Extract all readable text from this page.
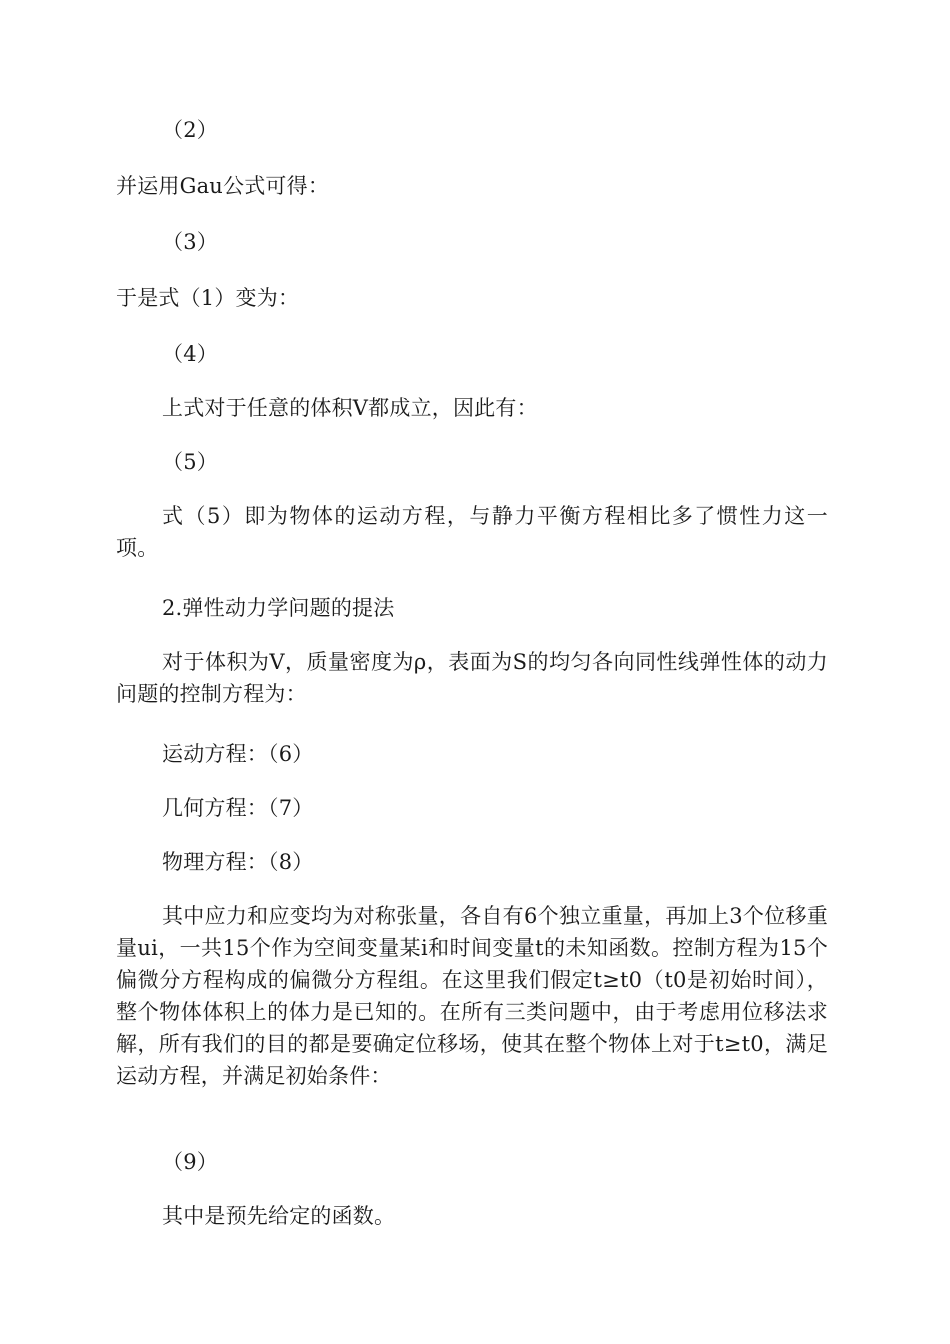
（2）

并运用Gau公式可得：

（3）

于是式（1）变为：

（4）

上式对于任意的体积Ⅴ都成立，因此有：

（5）

式（5）即为物体的运动方程，与静力平衡方程相比多了惯性力这一项。

2.弹性动力学问题的提法

对于体积为Ⅴ，质量密度为ρ，表面为S的均匀各向同性线弹性体的动力问题的控制方程为：

运动方程：（6）

几何方程：（7）

物理方程：（8）

其中应力和应变均为对称张量，各自有6个独立重量，再加上3个位移重量ui，一共15个作为空间变量某i和时间变量t的未知函数。控制方程为15个偏微分方程构成的偏微分方程组。在这里我们假定t≥t0（t0是初始时间），整个物体体积上的体力是已知的。在所有三类问题中，由于考虑用位移法求解，所有我们的目的都是要确定位移场，使其在整个物体上对于t≥t0，满足运动方程，并满足初始条件：

（9）

其中是预先给定的函数。
